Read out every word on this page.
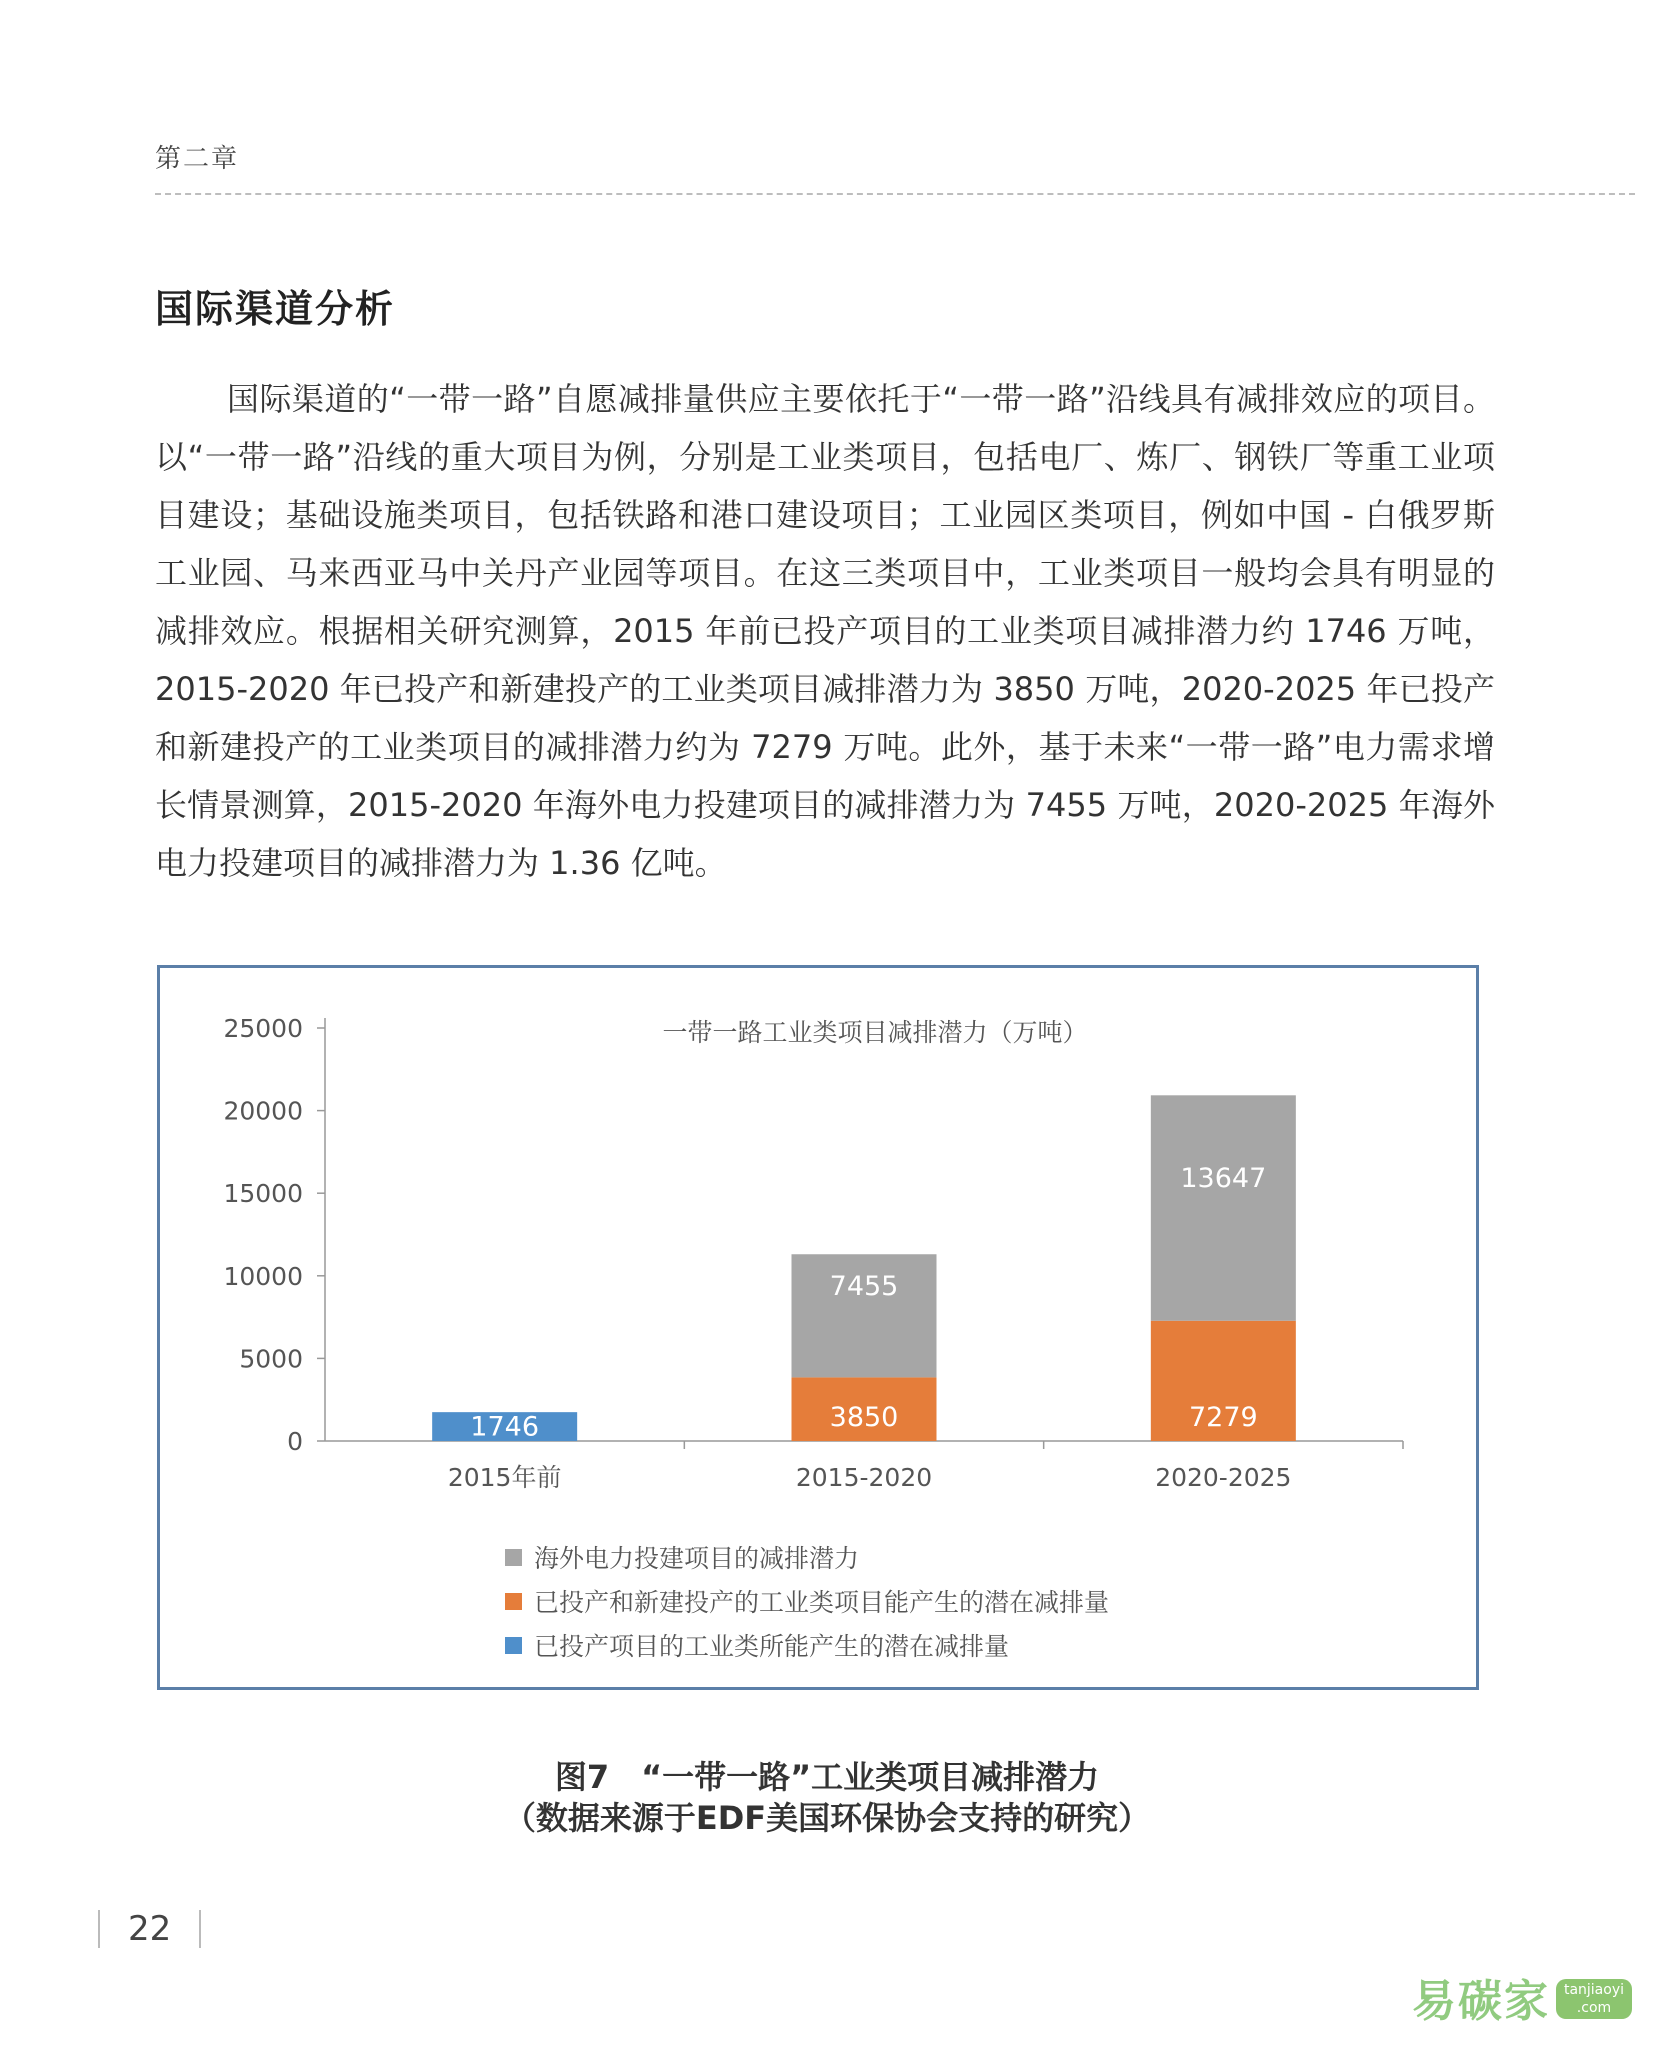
第二章
国际渠道分析

国际渠道的“一带一路”自愿减排量供应主要依托于“一带一路”沿线具有减排效应的项目。以“一带一路”沿线的重大项目为例，分别是工业类项目，包括电厂、炼厂、钢铁厂等重工业项目建设；基础设施类项目，包括铁路和港口建设项目；工业园区类项目，例如中国 - 白俄罗斯工业园、马来西亚马中关丹产业园等项目。在这三类项目中，工业类项目一般均会具有明显的减排效应。根据相关研究测算，2015 年前已投产项目的工业类项目减排潜力约 1746 万吨，2015-2020 年已投产和新建投产的工业类项目减排潜力为 3850 万吨，2020-2025 年已投产和新建投产的工业类项目的减排潜力约为 7279 万吨。此外，基于未来“一带一路”电力需求增长情景测算，2015-2020 年海外电力投建项目的减排潜力为 7455 万吨，2020-2025 年海外电力投建项目的减排潜力为 1.36 亿吨。

0
5000
10000
15000
20000
25000
2015年前
1746
2015-2020
3850
7455
2020-2025
7279
13647
一带一路工业类项目减排潜力（万吨）
海外电力投建项目的减排潜力
已投产和新建投产的工业类项目能产生的潜在减排量
已投产项目的工业类所能产生的潜在减排量
图7　“一带一路”工业类项目减排潜力
（数据来源于EDF美国环保协会支持的研究）
22
易碳家	tanjiaoyi
.com
